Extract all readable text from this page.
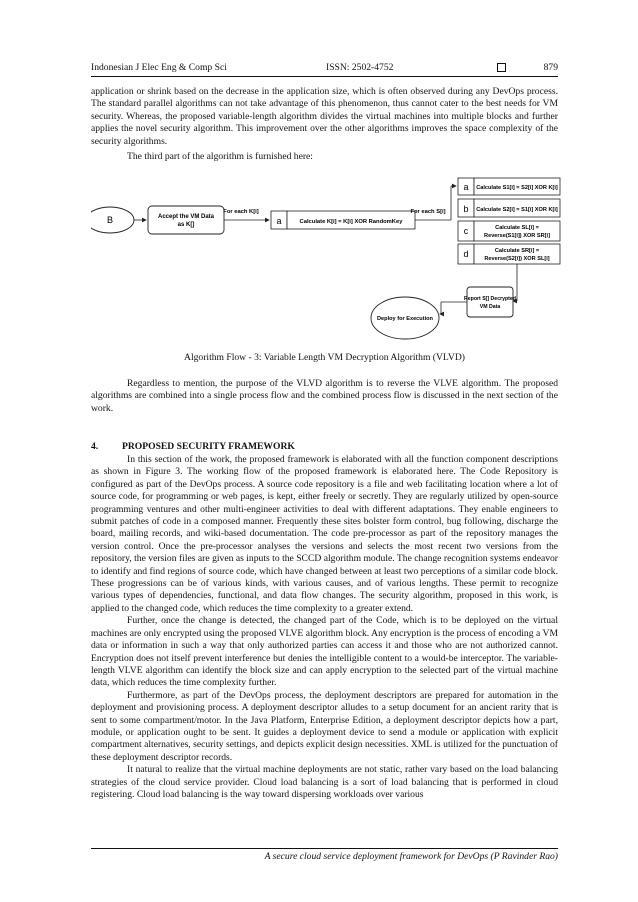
Indonesian J Elec Eng & Comp Sci	ISSN: 2502-4752	879

application or shrink based on the decrease in the application size, which is often observed during any DevOps process. The standard parallel algorithms can not take advantage of this phenomenon, thus cannot cater to the best needs for VM security. Whereas, the proposed variable-length algorithm divides the virtual machines into multiple blocks and further applies the novel security algorithm. This improvement over the other algorithms improves the space complexity of the security algorithms.

The third part of the algorithm is furnished here:

B	Accept the VM Data
as K[]
For each K[i]
a	Calculate K[i] = K[i] XOR RandomKey
For each S[i]
a Calculate S1[i] = S2[i] XOR K[i]
b Calculate S2[i] = S1[i] XOR K[i]
c	Calculate SL[i] =
Reverse(S1[i]) XOR SR[i]
d	Calculate SR[i] =
Reverse(S2[i]) XOR SL[i]
Report S[] Decrypted
VM Data
Deploy for Execution
Algorithm Flow - 3: Variable Length VM Decryption Algorithm (VLVD)

Regardless to mention, the purpose of the VLVD algorithm is to reverse the VLVE algorithm. The proposed algorithms are combined into a single process flow and the combined process flow is discussed in the next section of the work.

4. PROPOSED SECURITY FRAMEWORK

In this section of the work, the proposed framework is elaborated with all the function component descriptions as shown in Figure 3. The working flow of the proposed framework is elaborated here. The Code Repository is configured as part of the DevOps process. A source code repository is a file and web facilitating location where a lot of source code, for programming or web pages, is kept, either freely or secretly. They are regularly utilized by open-source programming ventures and other multi-engineer activities to deal with different adaptations. They enable engineers to submit patches of code in a composed manner. Frequently these sites bolster form control, bug following, discharge the board, mailing records, and wiki-based documentation. The code pre-processor as part of the repository manages the version control. Once the pre-processor analyses the versions and selects the most recent two versions from the repository, the version files are given as inputs to the SCCD algorithm module. The change recognition systems endeavor to identify and find regions of source code, which have changed between at least two perceptions of a similar code block. These progressions can be of various kinds, with various causes, and of various lengths. These permit to recognize various types of dependencies, functional, and data flow changes. The security algorithm, proposed in this work, is applied to the changed code, which reduces the time complexity to a greater extend.

Further, once the change is detected, the changed part of the Code, which is to be deployed on the virtual machines are only encrypted using the proposed VLVE algorithm block. Any encryption is the process of encoding a VM data or information in such a way that only authorized parties can access it and those who are not authorized cannot. Encryption does not itself prevent interference but denies the intelligible content to a would-be interceptor. The variable-length VLVE algorithm can identify the block size and can apply encryption to the selected part of the virtual machine data, which reduces the time complexity further.

Furthermore, as part of the DevOps process, the deployment descriptors are prepared for automation in the deployment and provisioning process. A deployment descriptor alludes to a setup document for an ancient rarity that is sent to some compartment/motor. In the Java Platform, Enterprise Edition, a deployment descriptor depicts how a part, module, or application ought to be sent. It guides a deployment device to send a module or application with explicit compartment alternatives, security settings, and depicts explicit design necessities. XML is utilized for the punctuation of these deployment descriptor records.

It natural to realize that the virtual machine deployments are not static, rather vary based on the load balancing strategies of the cloud service provider. Cloud load balancing is a sort of load balancing that is performed in cloud registering. Cloud load balancing is the way toward dispersing workloads over various

A secure cloud service deployment framework for DevOps (P Ravinder Rao)
